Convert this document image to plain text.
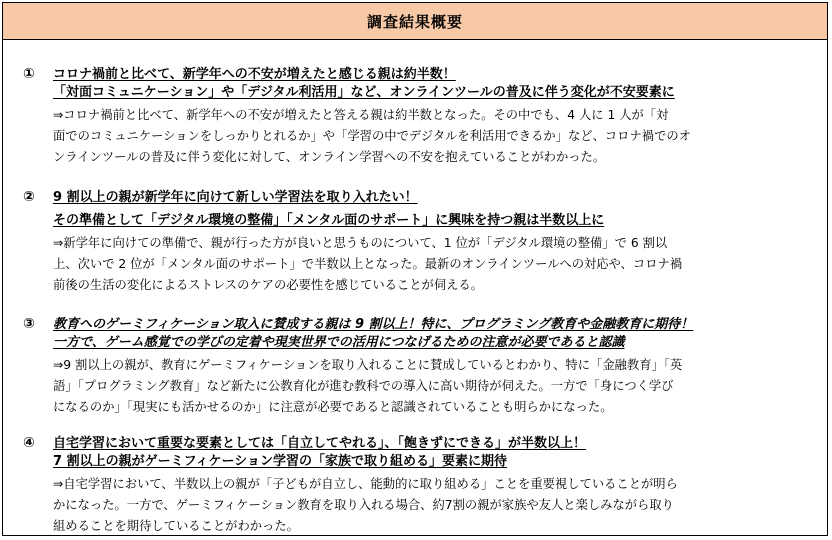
調査結果概要
①	コロナ禍前と比べて、新学年への不安が増えたと感じる親は約半数！
「対面コミュニケーション」や「デジタル利活用」など、オンラインツールの普及に伴う変化が不安要素に
⇒コロナ禍前と比べて、新学年への不安が増えたと答える親は約半数となった。その中でも、4 人に 1 人が「対
面でのコミュニケーションをしっかりとれるか」や「学習の中でデジタルを利活用できるか」など、コロナ禍でのオ
ンラインツールの普及に伴う変化に対して、オンライン学習への不安を抱えていることがわかった。
②	9 割以上の親が新学年に向けて新しい学習法を取り入れたい！
その準備として「デジタル環境の整備」「メンタル面のサポート」に興味を持つ親は半数以上に
⇒新学年に向けての準備で、親が行った方が良いと思うものについて、1 位が「デジタル環境の整備」で 6 割以
上、次いで 2 位が「メンタル面のサポート」で半数以上となった。最新のオンラインツールへの対応や、コロナ禍
前後の生活の変化によるストレスのケアの必要性を感じていることが伺える。
③	教育へのゲーミフィケーション取入に賛成する親は 9 割以上！特に、プログラミング教育や金融教育に期待！
一方で、ゲーム感覚での学びの定着や現実世界での活用につなげるための注意が必要であると認識
⇒9 割以上の親が、教育にゲーミフィケーションを取り入れることに賛成しているとわかり、特に「金融教育」「英
語」「プログラミング教育」など新たに公教育化が進む教科での導入に高い期待が伺えた。一方で「身につく学び
になるのか」「現実にも活かせるのか」に注意が必要であると認識されていることも明らかになった。
④	自宅学習において重要な要素としては「自立してやれる」、「飽きずにできる」が半数以上！
7 割以上の親がゲーミフィケーション学習の「家族で取り組める」要素に期待
⇒自宅学習において、半数以上の親が「子どもが自立し、能動的に取り組める」ことを重要視していることが明ら
かになった。一方で、ゲーミフィケーション教育を取り入れる場合、約7割の親が家族や友人と楽しみながら取り
組めることを期待していることがわかった。
